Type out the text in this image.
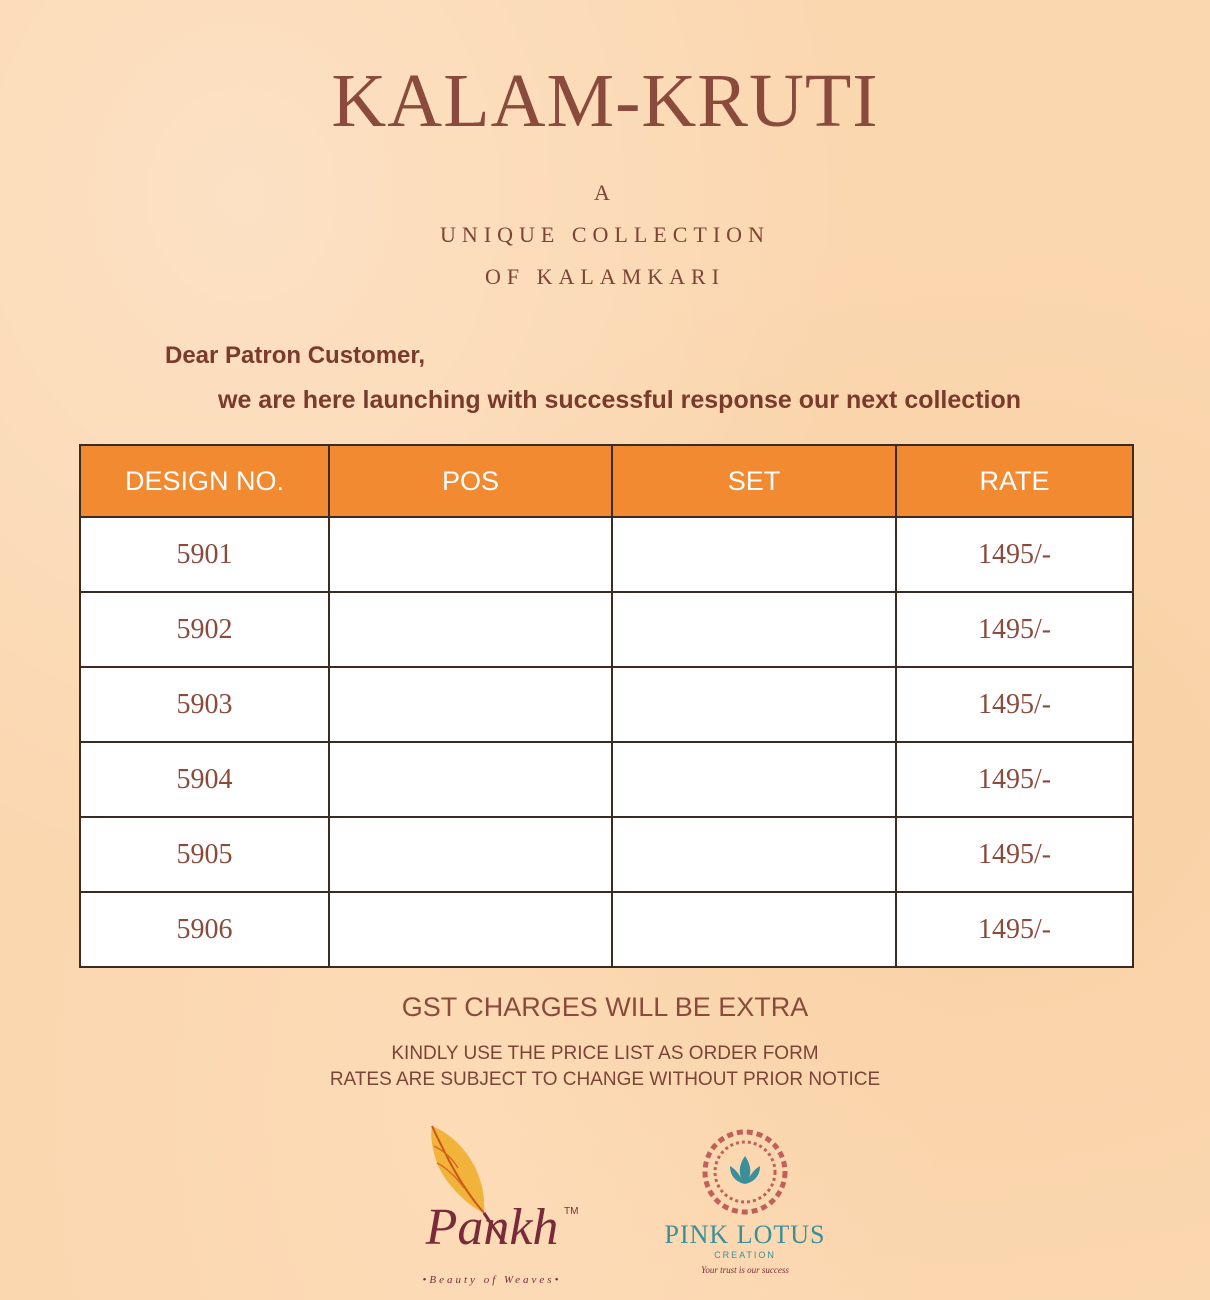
KALAM-KRUTI
A
UNIQUE COLLECTION
OF KALAMKARI
Dear Patron Customer,
we are here launching with successful response our next collection
DESIGN NO.	POS	SET	RATE
5901			1495/-
5902			1495/-
5903			1495/-
5904			1495/-
5905			1495/-
5906			1495/-
GST CHARGES WILL BE EXTRA
KINDLY USE THE PRICE LIST AS ORDER FORM
RATES ARE SUBJECT TO CHANGE WITHOUT PRIOR NOTICE
Pankh TM
•Beauty of Weaves•
PINK LOTUS
CREATION
Your trust is our success
